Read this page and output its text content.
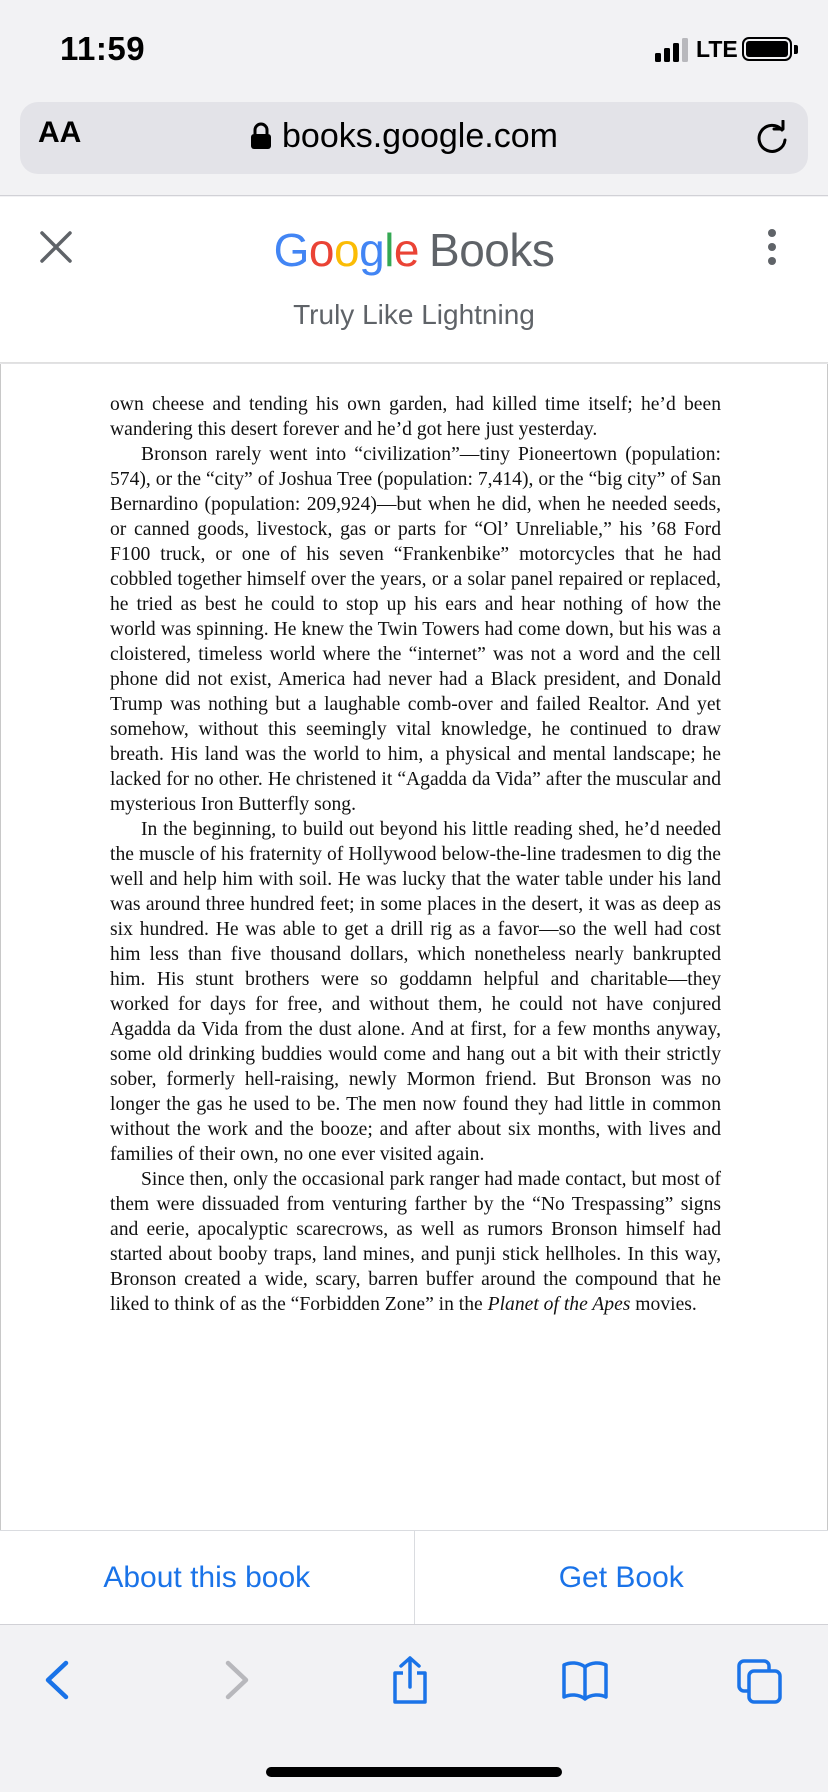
11:59	LTE
AA	books.google.com
Google Books
Truly Like Lightning

own cheese and tending his own garden, had killed time itself; he’d been wandering this desert forever and he’d got here just yesterday.

Bronson rarely went into “civilization”—tiny Pioneertown (population: 574), or the “city” of Joshua Tree (population: 7,414), or the “big city” of San Bernardino (population: 209,924)—but when he did, when he needed seeds, or canned goods, livestock, gas or parts for “Ol’ Unreliable,” his ’68 Ford F100 truck, or one of his seven “Frankenbike” motorcycles that he had cobbled together himself over the years, or a solar panel repaired or replaced, he tried as best he could to stop up his ears and hear nothing of how the world was spinning. He knew the Twin Towers had come down, but his was a cloistered, timeless world where the “internet” was not a word and the cell phone did not exist, America had never had a Black president, and Donald Trump was nothing but a laughable comb-over and failed Realtor. And yet somehow, without this seemingly vital knowledge, he continued to draw breath. His land was the world to him, a physical and mental landscape; he lacked for no other. He christened it “Agadda da Vida” after the muscular and mysterious Iron Butterfly song.

In the beginning, to build out beyond his little reading shed, he’d needed the muscle of his fraternity of Hollywood below-the-line tradesmen to dig the well and help him with soil. He was lucky that the water table under his land was around three hundred feet; in some places in the desert, it was as deep as six hundred. He was able to get a drill rig as a favor—so the well had cost him less than five thousand dollars, which nonetheless nearly bankrupted him. His stunt brothers were so goddamn helpful and charitable—they worked for days for free, and without them, he could not have conjured Agadda da Vida from the dust alone. And at first, for a few months anyway, some old drinking buddies would come and hang out a bit with their strictly sober, formerly hell-raising, newly Mormon friend. But Bronson was no longer the gas he used to be. The men now found they had little in common without the work and the booze; and after about six months, with lives and families of their own, no one ever visited again.

Since then, only the occasional park ranger had made contact, but most of them were dissuaded from venturing farther by the “No Trespassing” signs and eerie, apocalyptic scarecrows, as well as rumors Bronson himself had started about booby traps, land mines, and punji stick hellholes. In this way, Bronson created a wide, scary, barren buffer around the compound that he liked to think of as the “Forbidden Zone” in the Planet of the Apes movies.

About this book	Get Book
